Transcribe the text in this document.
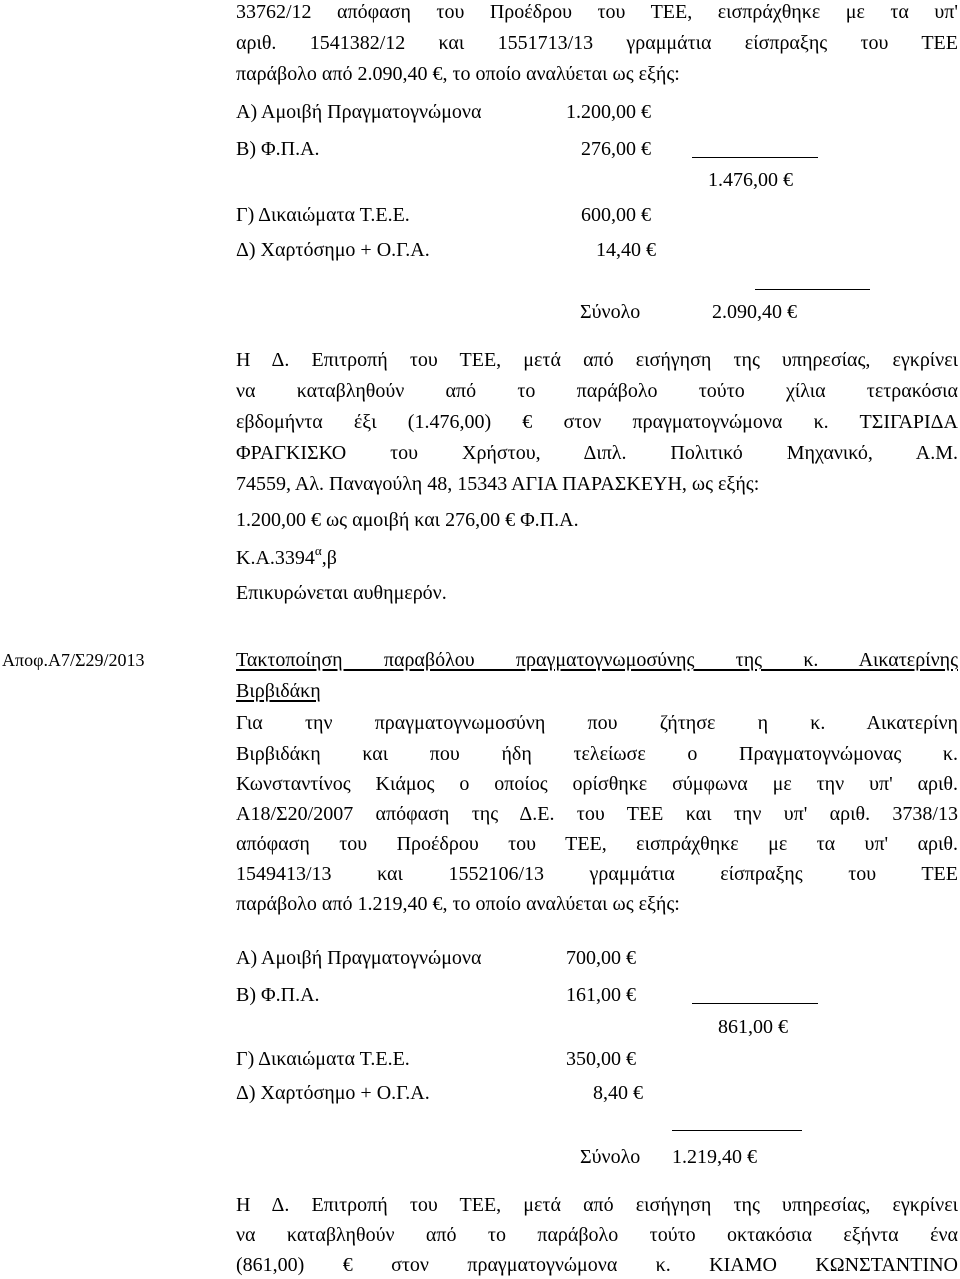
33762/12 απόφαση του Προέδρου του ΤΕΕ, εισπράχθηκε με τα υπ'
αριθ. 1541382/12 και 1551713/13 γραμμάτια είσπραξης του ΤΕΕ
παράβολο από 2.090,40 €, το οποίο αναλύεται ως εξής:
Α) Αμοιβή Πραγματογνώμονα	1.200,00 €
Β) Φ.Π.Α.	276,00 €
1.476,00 €
Γ) Δικαιώματα Τ.Ε.Ε.	600,00 €
Δ) Χαρτόσημο + Ο.Γ.Α.	14,40 €
Σύνολο	2.090,40 €
Η Δ. Επιτροπή του ΤΕΕ, μετά από εισήγηση της υπηρεσίας, εγκρίνει
να καταβληθούν από το παράβολο τούτο χίλια τετρακόσια
εβδομήντα έξι (1.476,00) € στον πραγματογνώμονα κ. ΤΣΙΓΑΡΙΔΑ
ΦΡΑΓΚΙΣΚΟ του Χρήστου, Διπλ. Πολιτικό Μηχανικό, Α.Μ.
74559, Αλ. Παναγούλη 48, 15343 ΑΓΙΑ ΠΑΡΑΣΚΕΥΗ, ως εξής:
1.200,00 € ως αμοιβή και 276,00 € Φ.Π.Α.
$K.A.3394^\alpha,\beta$
Επικυρώνεται αυθημερόν.
Αποφ.Α7/Σ29/2013	Τακτοποίηση παραβόλου πραγματογνωμοσύνης της κ. Αικατερίνης
Βιρβιδάκη
Για την πραγματογνωμοσύνη που ζήτησε η κ. Αικατερίνη
Βιρβιδάκη και που ήδη τελείωσε ο Πραγματογνώμονας κ.
Κωνσταντίνος Κιάμος ο οποίος ορίσθηκε σύμφωνα με την υπ' αριθ.
Α18/Σ20/2007 απόφαση της Δ.Ε. του ΤΕΕ και την υπ' αριθ. 3738/13
απόφαση του Προέδρου του ΤΕΕ, εισπράχθηκε με τα υπ' αριθ.
1549413/13 και 1552106/13 γραμμάτια είσπραξης του ΤΕΕ
παράβολο από 1.219,40 €, το οποίο αναλύεται ως εξής:
Α) Αμοιβή Πραγματογνώμονα	700,00 €
Β) Φ.Π.Α.	161,00 €
861,00 €
Γ) Δικαιώματα Τ.Ε.Ε.	350,00 €
Δ) Χαρτόσημο + Ο.Γ.Α.	8,40 €
Σύνολο 1.219,40 €
Η Δ. Επιτροπή του ΤΕΕ, μετά από εισήγηση της υπηρεσίας, εγκρίνει
να καταβληθούν από το παράβολο τούτο οκτακόσια εξήντα ένα
(861,00) € στον πραγματογνώμονα κ. ΚΙΑΜΟ ΚΩΝΣΤΑΝΤΙΝΟ
